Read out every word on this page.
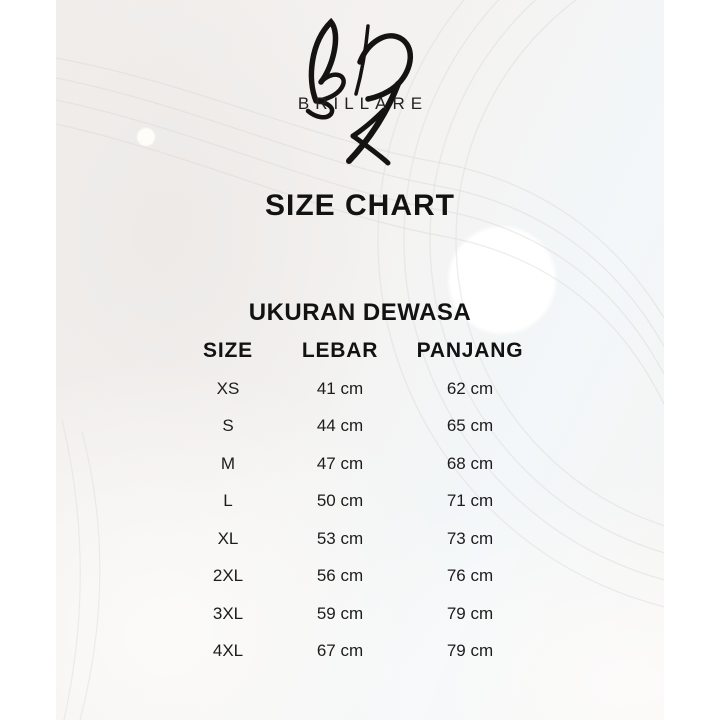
BRILLARE
SIZE CHART
UKURAN DEWASA
SIZE	LEBAR	PANJANG
XS	41 cm	62 cm
S	44 cm	65 cm
M	47 cm	68 cm
L	50 cm	71 cm
XL	53 cm	73 cm
2XL	56 cm	76 cm
3XL	59 cm	79 cm
4XL	67 cm	79 cm
